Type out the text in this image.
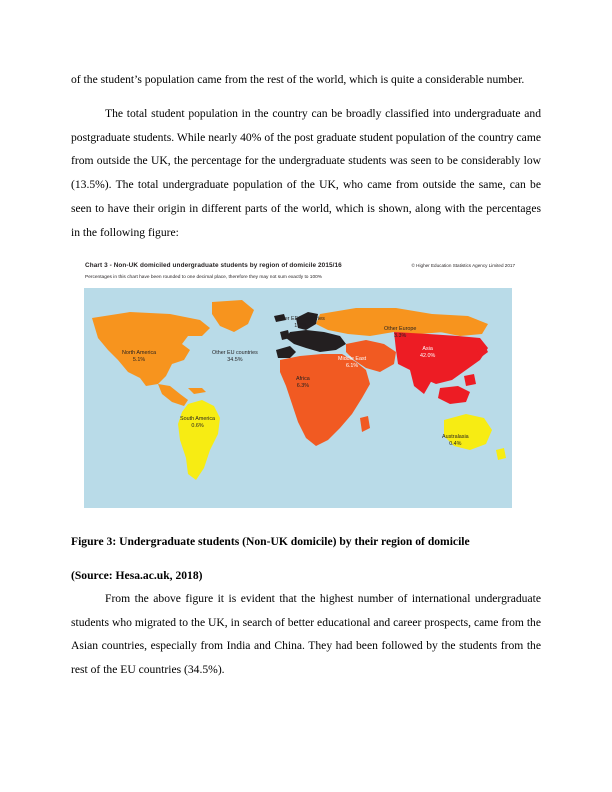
of the student’s population came from the rest of the world, which is quite a considerable number.

The total student population in the country can be broadly classified into undergraduate and postgraduate students. While nearly 40% of the post graduate student population of the country came from outside the UK, the percentage for the undergraduate students was seen to be considerably low (13.5%). The total undergraduate population of the UK, who came from outside the same, can be seen to have their origin in different parts of the world, which is shown, along with the percentages in the following figure:

Chart 3 - Non-UK domiciled undergraduate students by region of domicile 2015/16	© Higher Education Statistics Agency Limited 2017
Percentages in this chart have been rounded to one decimal place, therefore they may not sum exactly to 100%
North America
5.1%
Other EU countries
34.5%
Other EEA countries
1.7%
Other Europe
3.3%
Middle East
6.1%
Asia
42.0%
Africa
6.3%
South America
0.6%
Australasia
0.4%
Figure 3: Undergraduate students (Non-UK domicile) by their region of domicile
(Source: Hesa.ac.uk, 2018)

From the above figure it is evident that the highest number of international undergraduate students who migrated to the UK, in search of better educational and career prospects, came from the Asian countries, especially from India and China. They had been followed by the students from the rest of the EU countries (34.5%).
